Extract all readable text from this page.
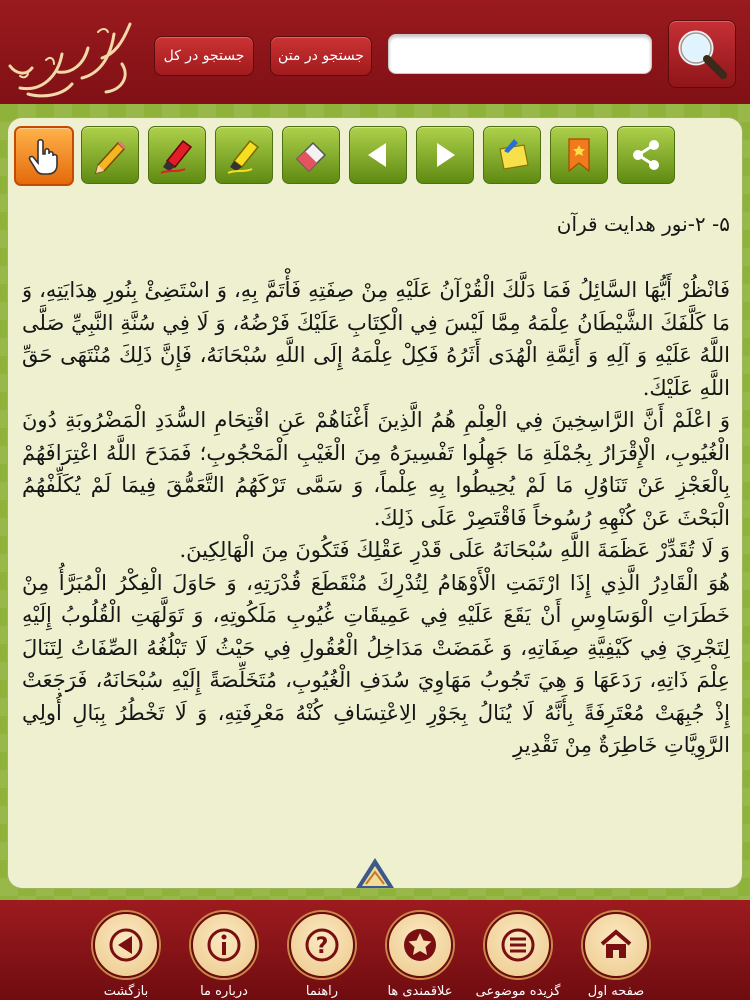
جستجو در کل جستجو در متن
۵- ۲-نور هدایت قرآن

فَانْظُرْ أَيُّهَا السَّائِلُ فَمَا دَلَّكَ الْقُرْآنُ عَلَيْهِ مِنْ صِفَتِهِ فَأْتَمَّ بِهِ، وَ اسْتَضِئْ بِنُورِ هِدَايَتِهِ، وَ مَا كَلَّفَكَ الشَّيْطَانُ عِلْمَهُ مِمَّا لَيْسَ فِي الْكِتَابِ عَلَيْكَ فَرْضُهُ، وَ لَا فِي سُنَّةِ النَّبِيِّ صَلَّى اللَّهُ عَلَيْهِ وَ آلِهِ وَ أَئِمَّةِ الْهُدَى أَثَرُهُ فَكِلْ عِلْمَهُ إِلَى اللَّهِ سُبْحَانَهُ، فَإِنَّ ذَلِكَ مُنْتَهَى حَقِّ اللَّهِ عَلَيْكَ.

وَ اعْلَمْ أَنَّ الرَّاسِخِينَ فِي الْعِلْمِ هُمُ الَّذِينَ أَغْنَاهُمْ عَنِ اقْتِحَامِ السُّدَدِ الْمَضْرُوبَةِ دُونَ الْغُيُوبِ، الْإِقْرَارُ بِجُمْلَةِ مَا جَهِلُوا تَفْسِيرَهُ مِنَ الْغَيْبِ الْمَحْجُوبِ؛ فَمَدَحَ اللَّهُ اعْتِرَافَهُمْ بِالْعَجْزِ عَنْ تَنَاوُلِ مَا لَمْ يُحِيطُوا بِهِ عِلْماً، وَ سَمَّى تَرْكَهُمُ التَّعَمُّقَ فِيمَا لَمْ يُكَلِّفْهُمُ الْبَحْثَ عَنْ كُنْهِهِ رُسُوخاً فَاقْتَصِرْ عَلَى ذَلِكَ.

وَ لَا تُقَدِّرْ عَظَمَةَ اللَّهِ سُبْحَانَهُ عَلَى قَدْرِ عَقْلِكَ فَتَكُونَ مِنَ الْهَالِكِينَ.

هُوَ الْقَادِرُ الَّذِي إِذَا ارْتَمَتِ الْأَوْهَامُ لِتُدْرِكَ مُنْقَطَعَ قُدْرَتِهِ، وَ حَاوَلَ الْفِكْرُ الْمُبَرَّأُ مِنْ خَطَرَاتِ الْوَسَاوِسِ أَنْ يَقَعَ عَلَيْهِ فِي عَمِيقَاتِ غُيُوبِ مَلَكُوتِهِ، وَ تَوَلَّهَتِ الْقُلُوبُ إِلَيْهِ لِتَجْرِيَ فِي كَيْفِيَّةِ صِفَاتِهِ، وَ غَمَضَتْ مَدَاخِلُ الْعُقُولِ فِي حَيْثُ لَا تَبْلُغُهُ الصِّفَاتُ لِتَنَالَ عِلْمَ ذَاتِهِ، رَدَعَهَا وَ هِيَ تَجُوبُ مَهَاوِيَ سُدَفِ الْغُيُوبِ، مُتَخَلِّصَةً إِلَيْهِ سُبْحَانَهُ، فَرَجَعَتْ إِذْ جُبِهَتْ مُعْتَرِفَةً بِأَنَّهُ لَا يُنَالُ بِجَوْرِ الِاعْتِسَافِ كُنْهُ مَعْرِفَتِهِ، وَ لَا تَخْطُرُ بِبَالِ أُولِي الرَّوِيَّاتِ خَاطِرَةٌ مِنْ تَقْدِيرِ

صفحه اول
گزیده موضوعی
علاقمندی ها
?
راهنما
درباره ما
بازگشت
